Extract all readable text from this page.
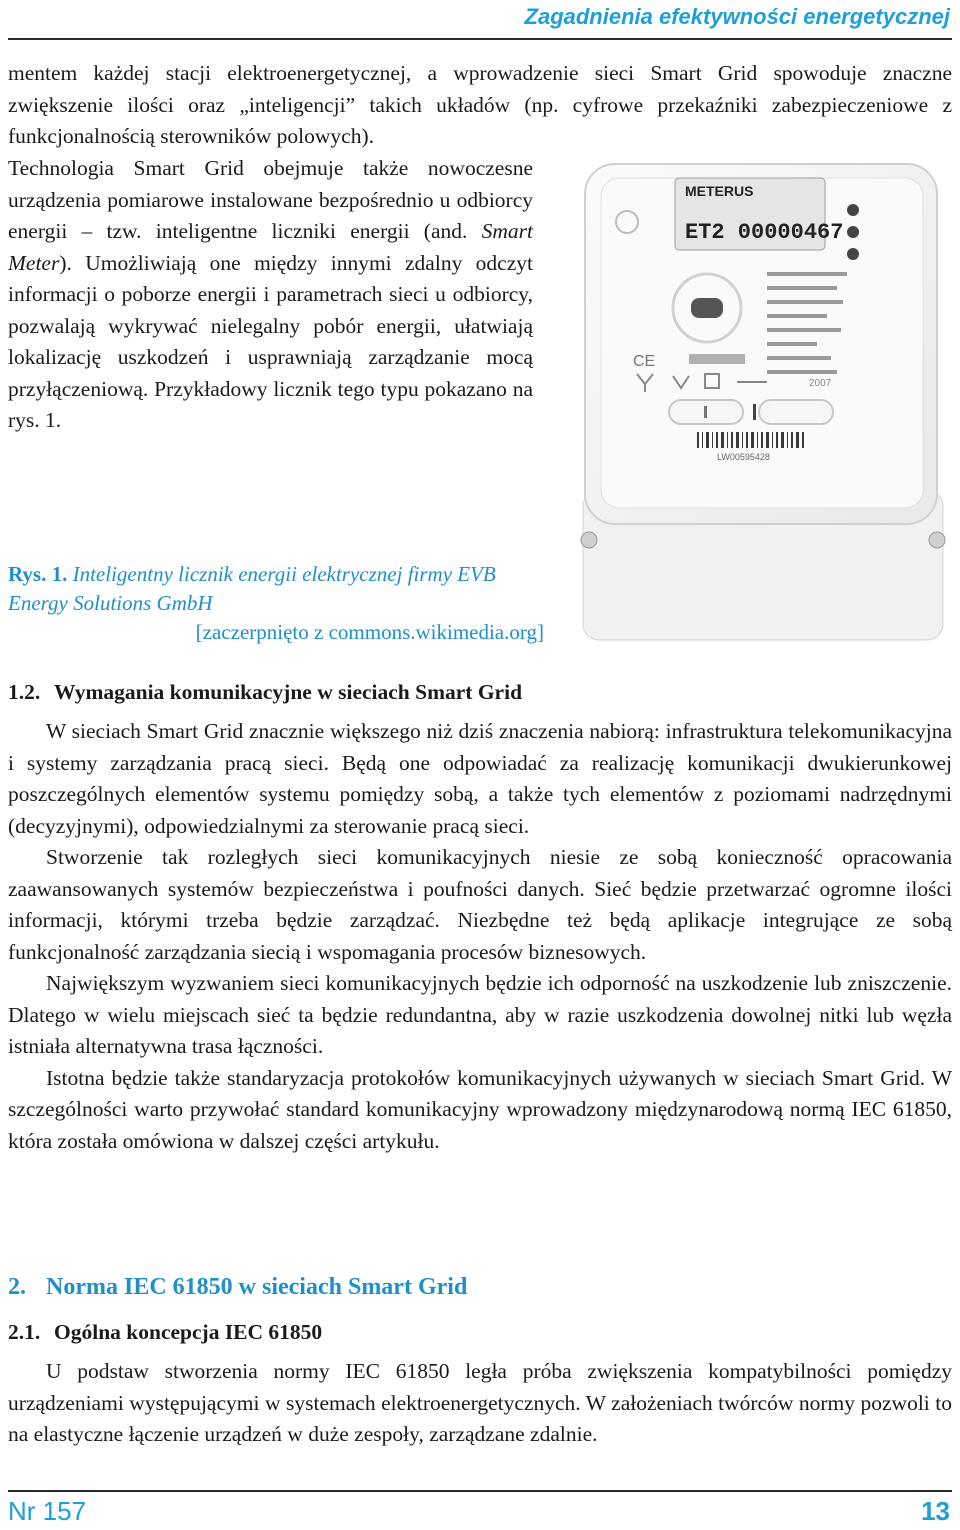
Zagadnienia efektywności energetycznej

mentem każdej stacji elektroenergetycznej, a wprowadzenie sieci Smart Grid spowoduje znaczne zwiększenie ilości oraz „inteligencji” takich układów (np. cyfrowe przekaźniki zabezpieczeniowe z funkcjonalnością sterowników polowych).

Technologia Smart Grid obejmuje także nowoczesne urządzenia pomiarowe instalowane bezpośrednio u odbiorcy energii – tzw. inteligentne liczniki energii (and. Smart Meter). Umożliwiają one między innymi zdalny odczyt informacji o poborze energii i parametrach sieci u odbiorcy, pozwalają wykrywać nielegalny pobór energii, ułatwiają lokalizację uszkodzeń i usprawniają zarządzanie mocą przyłączeniową. Przykładowy licznik tego typu pokazano na rys. 1.

METERUS
ET2 00000467
CE
2007
LW00595428
Rys. 1. Inteligentny licznik energii elektrycznej firmy EVB Energy Solutions GmbH
[zaczerpnięto z commons.wikimedia.org]
1.2. Wymagania komunikacyjne w sieciach Smart Grid

W sieciach Smart Grid znacznie większego niż dziś znaczenia nabiorą: infrastruktura telekomunikacyjna i systemy zarządzania pracą sieci. Będą one odpowiadać za realizację komunikacji dwukierunkowej poszczególnych elementów systemu pomiędzy sobą, a także tych elementów z poziomami nadrzędnymi (decyzyjnymi), odpowiedzialnymi za sterowanie pracą sieci.

Stworzenie tak rozległych sieci komunikacyjnych niesie ze sobą konieczność opracowania zaawansowanych systemów bezpieczeństwa i poufności danych. Sieć będzie przetwarzać ogromne ilości informacji, którymi trzeba będzie zarządzać. Niezbędne też będą aplikacje integrujące ze sobą funkcjonalność zarządzania siecią i wspomagania procesów biznesowych.

Największym wyzwaniem sieci komunikacyjnych będzie ich odporność na uszkodzenie lub zniszczenie. Dlatego w wielu miejscach sieć ta będzie redundantna, aby w razie uszkodzenia dowolnej nitki lub węzła istniała alternatywna trasa łączności.

Istotna będzie także standaryzacja protokołów komunikacyjnych używanych w sieciach Smart Grid. W szczególności warto przywołać standard komunikacyjny wprowadzony międzynarodową normą IEC 61850, która została omówiona w dalszej części artykułu.

2. Norma IEC 61850 w sieciach Smart Grid
2.1. Ogólna koncepcja IEC 61850

U podstaw stworzenia normy IEC 61850 legła próba zwiększenia kompatybilności pomiędzy urządzeniami występującymi w systemach elektroenergetycznych. W założeniach twórców normy pozwoli to na elastyczne łączenie urządzeń w duże zespoły, zarządzane zdalnie.

Nr 157	13
